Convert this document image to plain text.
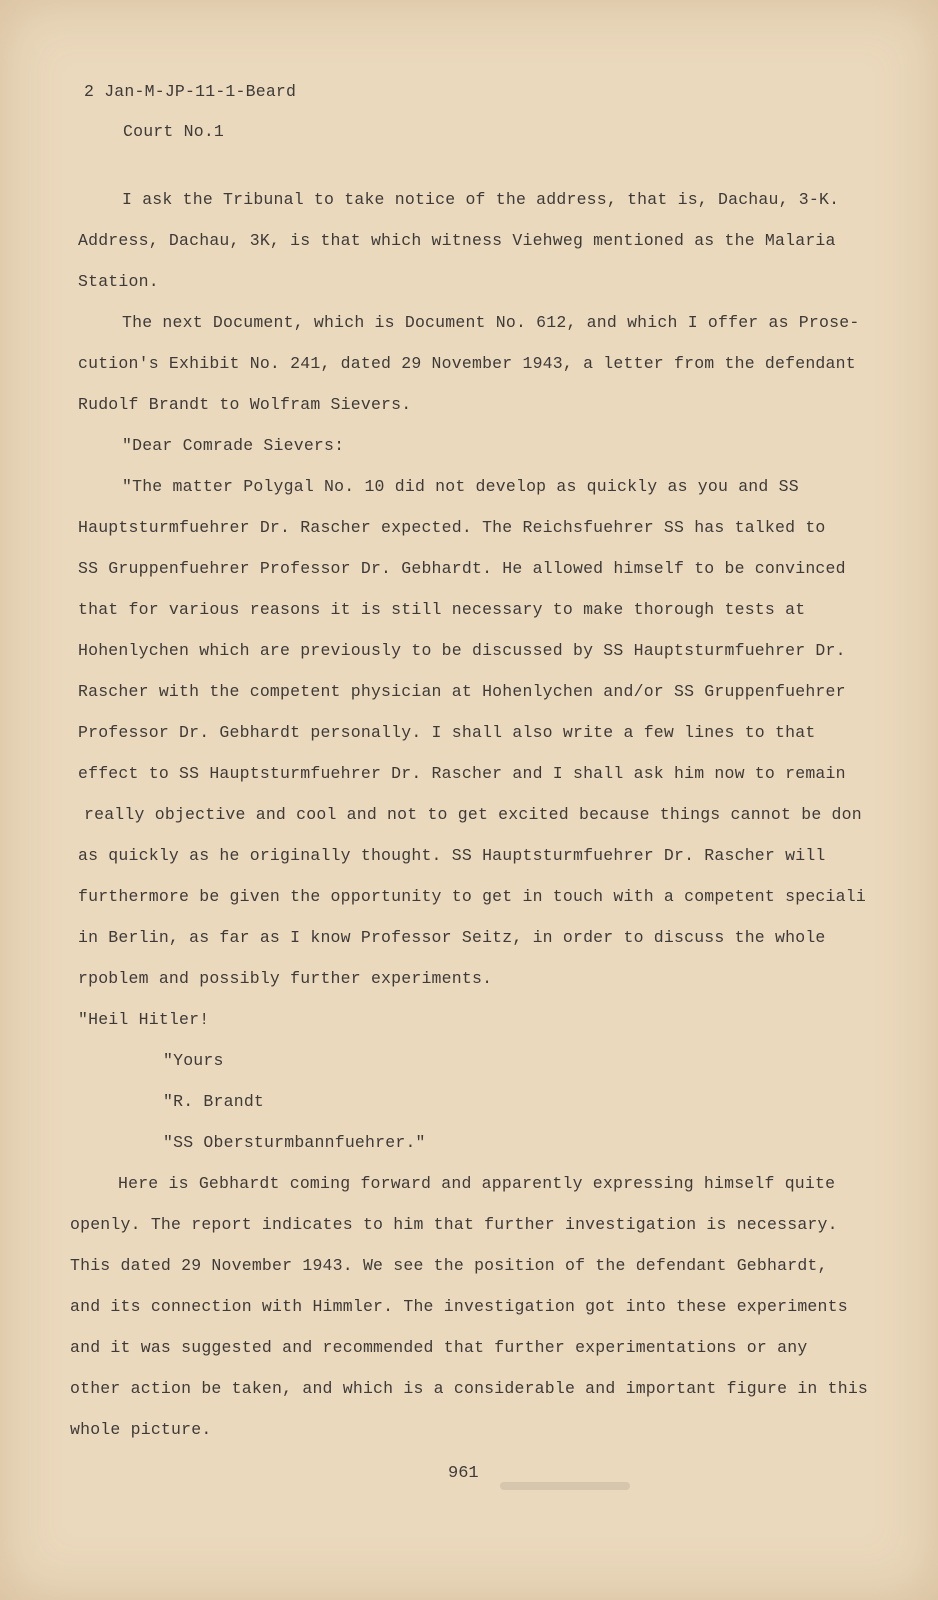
2 Jan-M-JP-11-1-Beard
Court No.1
I ask the Tribunal to take notice of the address, that is, Dachau, 3-K.
Address, Dachau, 3K, is that which witness Viehweg mentioned as the Malaria
Station.
The next Document, which is Document No. 612, and which I offer as Prose-
cution's Exhibit No. 241, dated 29 November 1943, a letter from the defendant
Rudolf Brandt to Wolfram Sievers.
"Dear Comrade Sievers:
"The matter Polygal No. 10 did not develop as quickly as you and SS
Hauptsturmfuehrer Dr. Rascher expected. The Reichsfuehrer SS has talked to
SS Gruppenfuehrer Professor Dr. Gebhardt. He allowed himself to be convinced
that for various reasons it is still necessary to make thorough tests at
Hohenlychen which are previously to be discussed by SS Hauptsturmfuehrer Dr.
Rascher with the competent physician at Hohenlychen and/or SS Gruppenfuehrer
Professor Dr. Gebhardt personally. I shall also write a few lines to that
effect to SS Hauptsturmfuehrer Dr. Rascher and I shall ask him now to remain
really objective and cool and not to get excited because things cannot be don
as quickly as he originally thought. SS Hauptsturmfuehrer Dr. Rascher will
furthermore be given the opportunity to get in touch with a competent speciali
in Berlin, as far as I know Professor Seitz, in order to discuss the whole
rpoblem and possibly further experiments.
"Heil Hitler!
"Yours
"R. Brandt
"SS Obersturmbannfuehrer."
Here is Gebhardt coming forward and apparently expressing himself quite
openly. The report indicates to him that further investigation is necessary.
This dated 29 November 1943. We see the position of the defendant Gebhardt,
and its connection with Himmler. The investigation got into these experiments
and it was suggested and recommended that further experimentations or any
other action be taken, and which is a considerable and important figure in this
whole picture.
961
